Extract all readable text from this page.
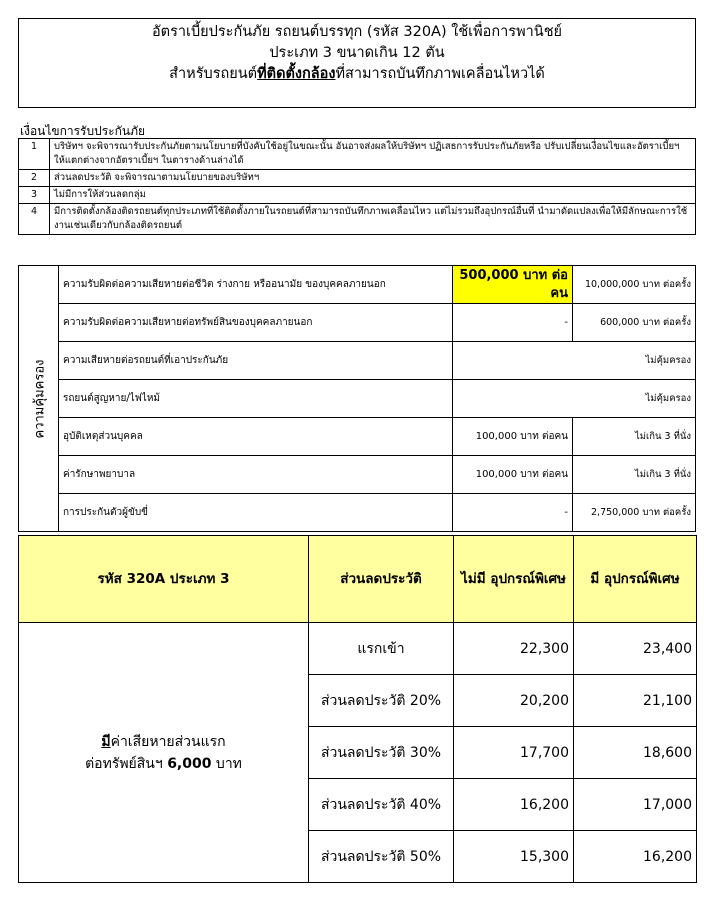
อัตราเบี้ยประกันภัย รถยนต์บรรทุก (รหัส 320A) ใช้เพื่อการพานิชย์
ประเภท 3 ขนาดเกิน 12 ตัน
สำหรับรถยนต์ที่ติดตั้งกล้องที่สามารถบันทึกภาพเคลื่อนไหวได้
เงื่อนไขการรับประกันภัย
1	บริษัทฯ จะพิจารณารับประกันภัยตามนโยบายที่บังคับใช้อยู่ในขณะนั้น อันอาจส่งผลให้บริษัทฯ ปฏิเสธการรับประกันภัยหรือ ปรับเปลี่ยนเงื่อนไขและอัตราเบี้ยฯ ให้แตกต่างจากอัตราเบี้ยฯ ในตารางด้านล่างได้
2	ส่วนลดประวัติ จะพิจารณาตามนโยบายของบริษัทฯ
3	ไม่มีการให้ส่วนลดกลุ่ม
4	มีการติดตั้งกล้องติดรถยนต์ทุกประเภทที่ใช้ติดตั้งภายในรถยนต์ที่สามารถบันทึกภาพเคลื่อนไหว แต่ไม่รวมถึงอุปกรณ์อื่นที่ นำมาดัดแปลงเพื่อให้มีลักษณะการใช้งานเช่นเดียวกับกล้องติดรถยนต์
ความคุ้มครอง	ความรับผิดต่อความเสียหายต่อชีวิต ร่างกาย หรืออนามัย ของบุคคลภายนอก	500,000 บาท ต่อคน	10,000,000 บาท ต่อครั้ง
	ความรับผิดต่อความเสียหายต่อทรัพย์สินของบุคคลภายนอก	-	600,000 บาท ต่อครั้ง
	ความเสียหายต่อรถยนต์ที่เอาประกันภัย	ไม่คุ้มครอง	
	รถยนต์สูญหาย/ไฟไหม้	ไม่คุ้มครอง	
	อุบัติเหตุส่วนบุคคล	100,000 บาท ต่อคน	ไม่เกิน 3 ที่นั่ง
	ค่ารักษาพยาบาล	100,000 บาท ต่อคน	ไม่เกิน 3 ที่นั่ง
	การประกันตัวผู้ขับขี่	-	2,750,000 บาท ต่อครั้ง
รหัส 320A ประเภท 3	ส่วนลดประวัติ	ไม่มี อุปกรณ์พิเศษ	มี อุปกรณ์พิเศษ

มีค่าเสียหายส่วนแรก
ต่อทรัพย์สินฯ 6,000 บาท	แรกเข้า	22,300	23,400
	ส่วนลดประวัติ 20%	20,200	21,100
	ส่วนลดประวัติ 30%	17,700	18,600
	ส่วนลดประวัติ 40%	16,200	17,000
	ส่วนลดประวัติ 50%	15,300	16,200
